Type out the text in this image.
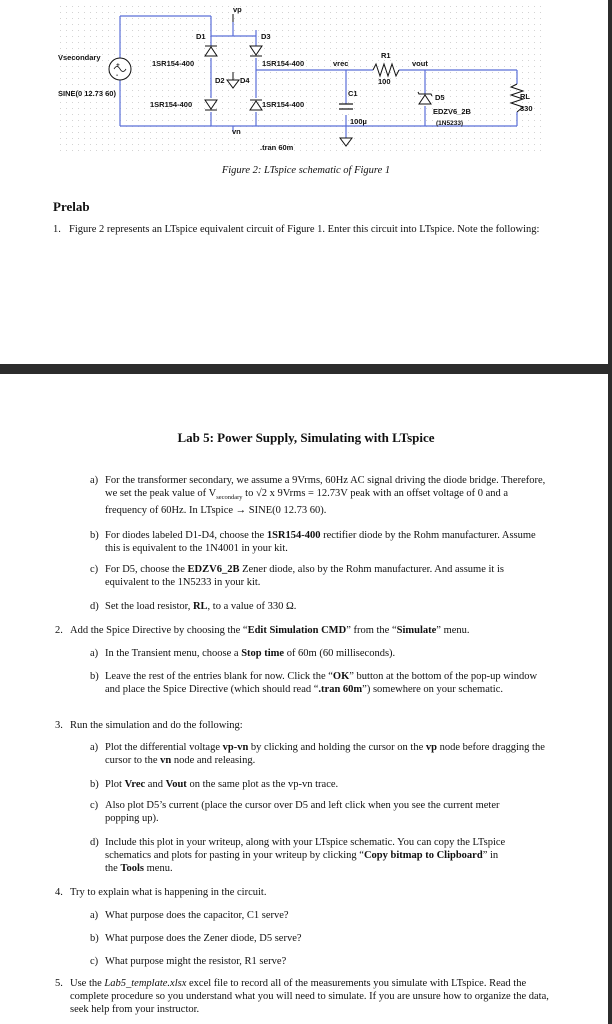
+
-
vp
vn
Vsecondary
SINE(0 12.73 60)
D1	D3
D2 D4
1SR154-400	1SR154-400
1SR154-400	1SR154-400
vrec	vout
R1
100
C1
100µ
D5
EDZV6_2B
(1N5233)
RL
330
.tran 60m
Figure 2: LTspice schematic of Figure 1
Prelab
1. Figure 2 represents an LTspice equivalent circuit of Figure 1. Enter this circuit into LTspice. Note the following:
Lab 5: Power Supply, Simulating with LTspice
a) For the transformer secondary, we assume a 9Vrms, 60Hz AC signal driving the diode bridge. Therefore, we set the peak value of $V_{secondary}$ to √2 x 9Vrms = 12.73V peak with an offset voltage of 0 and a frequency of 60Hz. In LTspice → SINE(0 12.73 60).
b) For diodes labeled D1-D4, choose the 1SR154-400 rectifier diode by the Rohm manufacturer. Assume this is equivalent to the 1N4001 in your kit.
c) For D5, choose the EDZV6_2B Zener diode, also by the Rohm manufacturer. And assume it is equivalent to the 1N5233 in your kit.
d) Set the load resistor, RL, to a value of 330 Ω.
2. Add the Spice Directive by choosing the “Edit Simulation CMD” from the “Simulate” menu.
a) In the Transient menu, choose a Stop time of 60m (60 milliseconds).
b) Leave the rest of the entries blank for now. Click the “OK” button at the bottom of the pop-up window and place the Spice Directive (which should read “.tran 60m”) somewhere on your schematic.
3. Run the simulation and do the following:
a) Plot the differential voltage vp-vn by clicking and holding the cursor on the vp node before dragging the cursor to the vn node and releasing.
b) Plot Vrec and Vout on the same plot as the vp-vn trace.
c) Also plot D5’s current (place the cursor over D5 and left click when you see the current meter popping up).
d) Include this plot in your writeup, along with your LTspice schematic. You can copy the LTspice schematics and plots for pasting in your writeup by clicking “Copy bitmap to Clipboard” in the Tools menu.
4. Try to explain what is happening in the circuit.
a) What purpose does the capacitor, C1 serve?
b) What purpose does the Zener diode, D5 serve?
c) What purpose might the resistor, R1 serve?
5. Use the Lab5_template.xlsx excel file to record all of the measurements you simulate with LTspice. Read the complete procedure so you understand what you will need to simulate. If you are unsure how to organize the data, seek help from your instructor.
